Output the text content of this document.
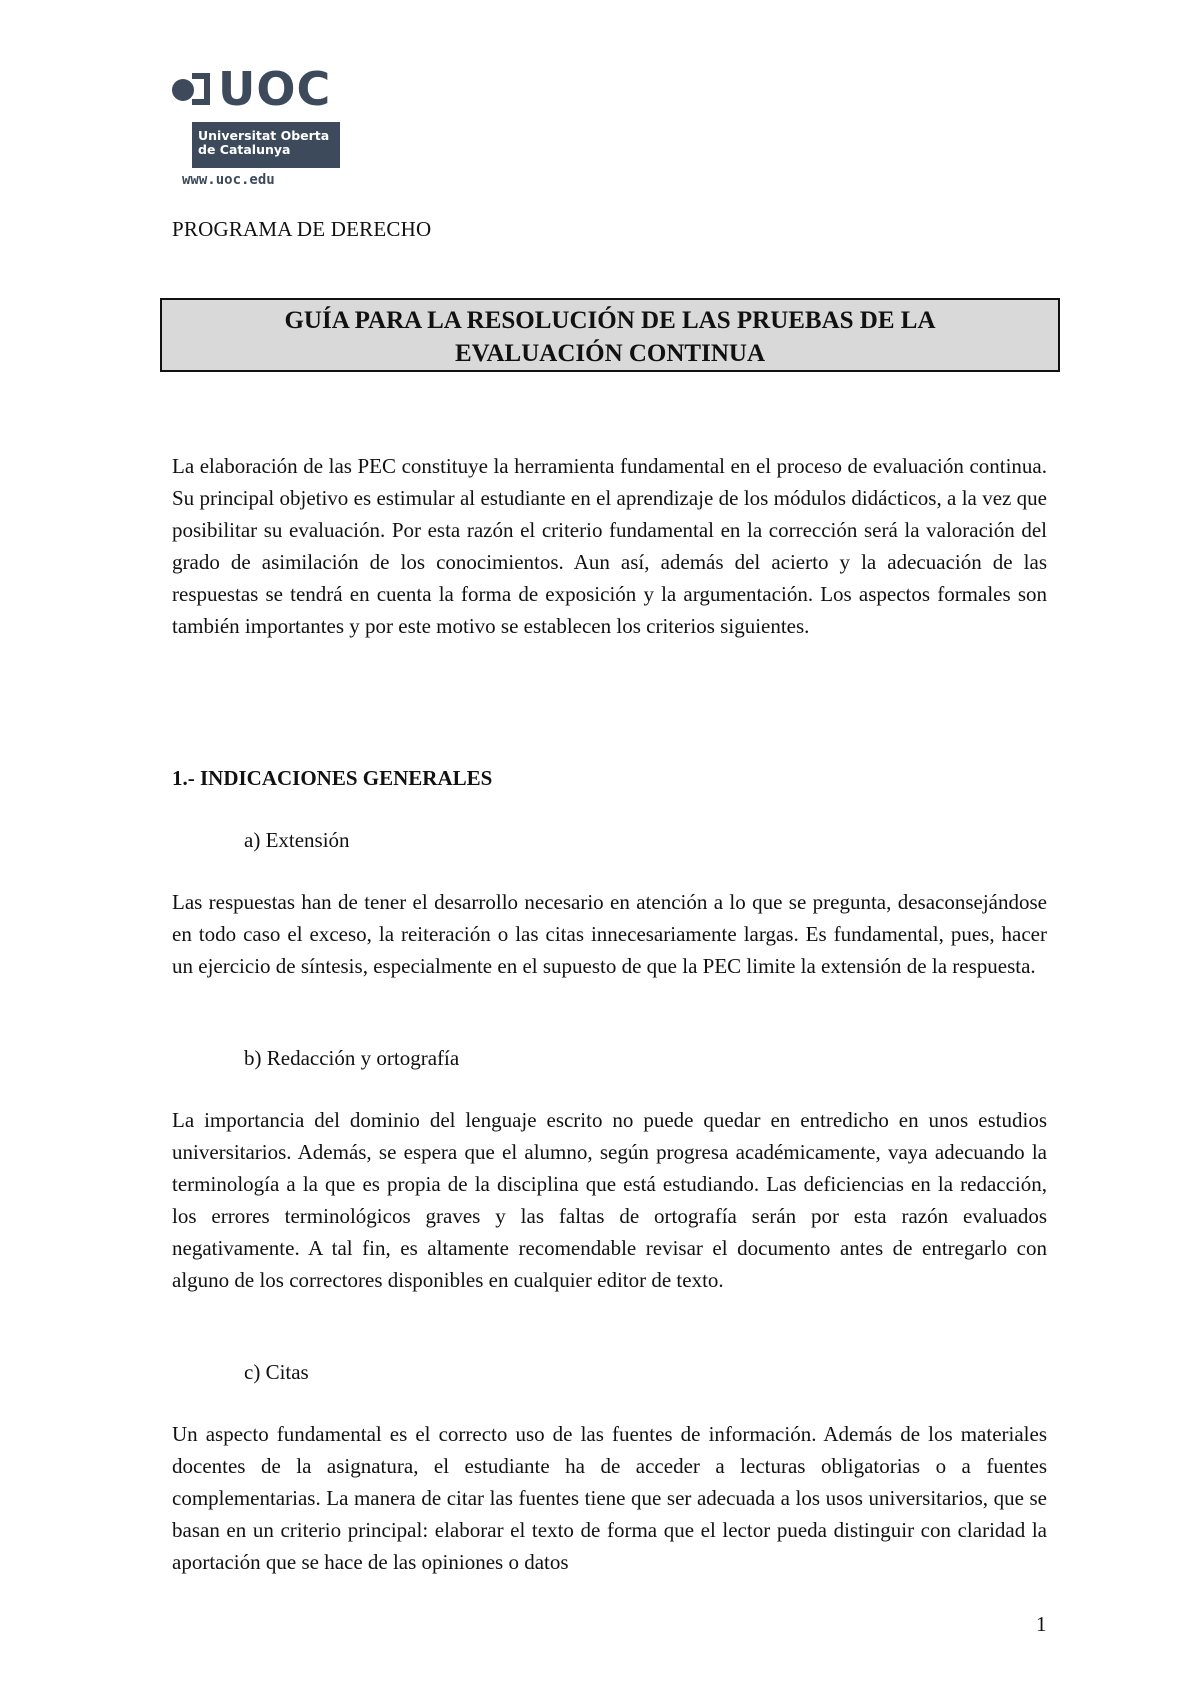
UOC
Universitat Oberta
de Catalunya
www.uoc.edu
PROGRAMA DE DERECHO
GUÍA PARA LA RESOLUCIÓN DE LAS PRUEBAS DE LA
EVALUACIÓN CONTINUA

La elaboración de las PEC constituye la herramienta fundamental en el proceso de evaluación continua. Su principal objetivo es estimular al estudiante en el aprendizaje de los módulos didácticos, a la vez que posibilitar su evaluación. Por esta razón el criterio fundamental en la corrección será la valoración del grado de asimilación de los conocimientos. Aun así, además del acierto y la adecuación de las respuestas se tendrá en cuenta la forma de exposición y la argumentación. Los aspectos formales son también importantes y por este motivo se establecen los criterios siguientes.

1.- INDICACIONES GENERALES

a) Extensión

Las respuestas han de tener el desarrollo necesario en atención a lo que se pregunta, desaconsejándose en todo caso el exceso, la reiteración o las citas innecesariamente largas. Es fundamental, pues, hacer un ejercicio de síntesis, especialmente en el supuesto de que la PEC limite la extensión de la respuesta.

b) Redacción y ortografía

La importancia del dominio del lenguaje escrito no puede quedar en entredicho en unos estudios universitarios. Además, se espera que el alumno, según progresa académicamente, vaya adecuando la terminología a la que es propia de la disciplina que está estudiando. Las deficiencias en la redacción, los errores terminológicos graves y las faltas de ortografía serán por esta razón evaluados negativamente. A tal fin, es altamente recomendable revisar el documento antes de entregarlo con alguno de los correctores disponibles en cualquier editor de texto.

c) Citas

Un aspecto fundamental es el correcto uso de las fuentes de información. Además de los materiales docentes de la asignatura, el estudiante ha de acceder a lecturas obligatorias o a fuentes complementarias. La manera de citar las fuentes tiene que ser adecuada a los usos universitarios, que se basan en un criterio principal: elaborar el texto de forma que el lector pueda distinguir con claridad la aportación que se hace de las opiniones o datos

1
